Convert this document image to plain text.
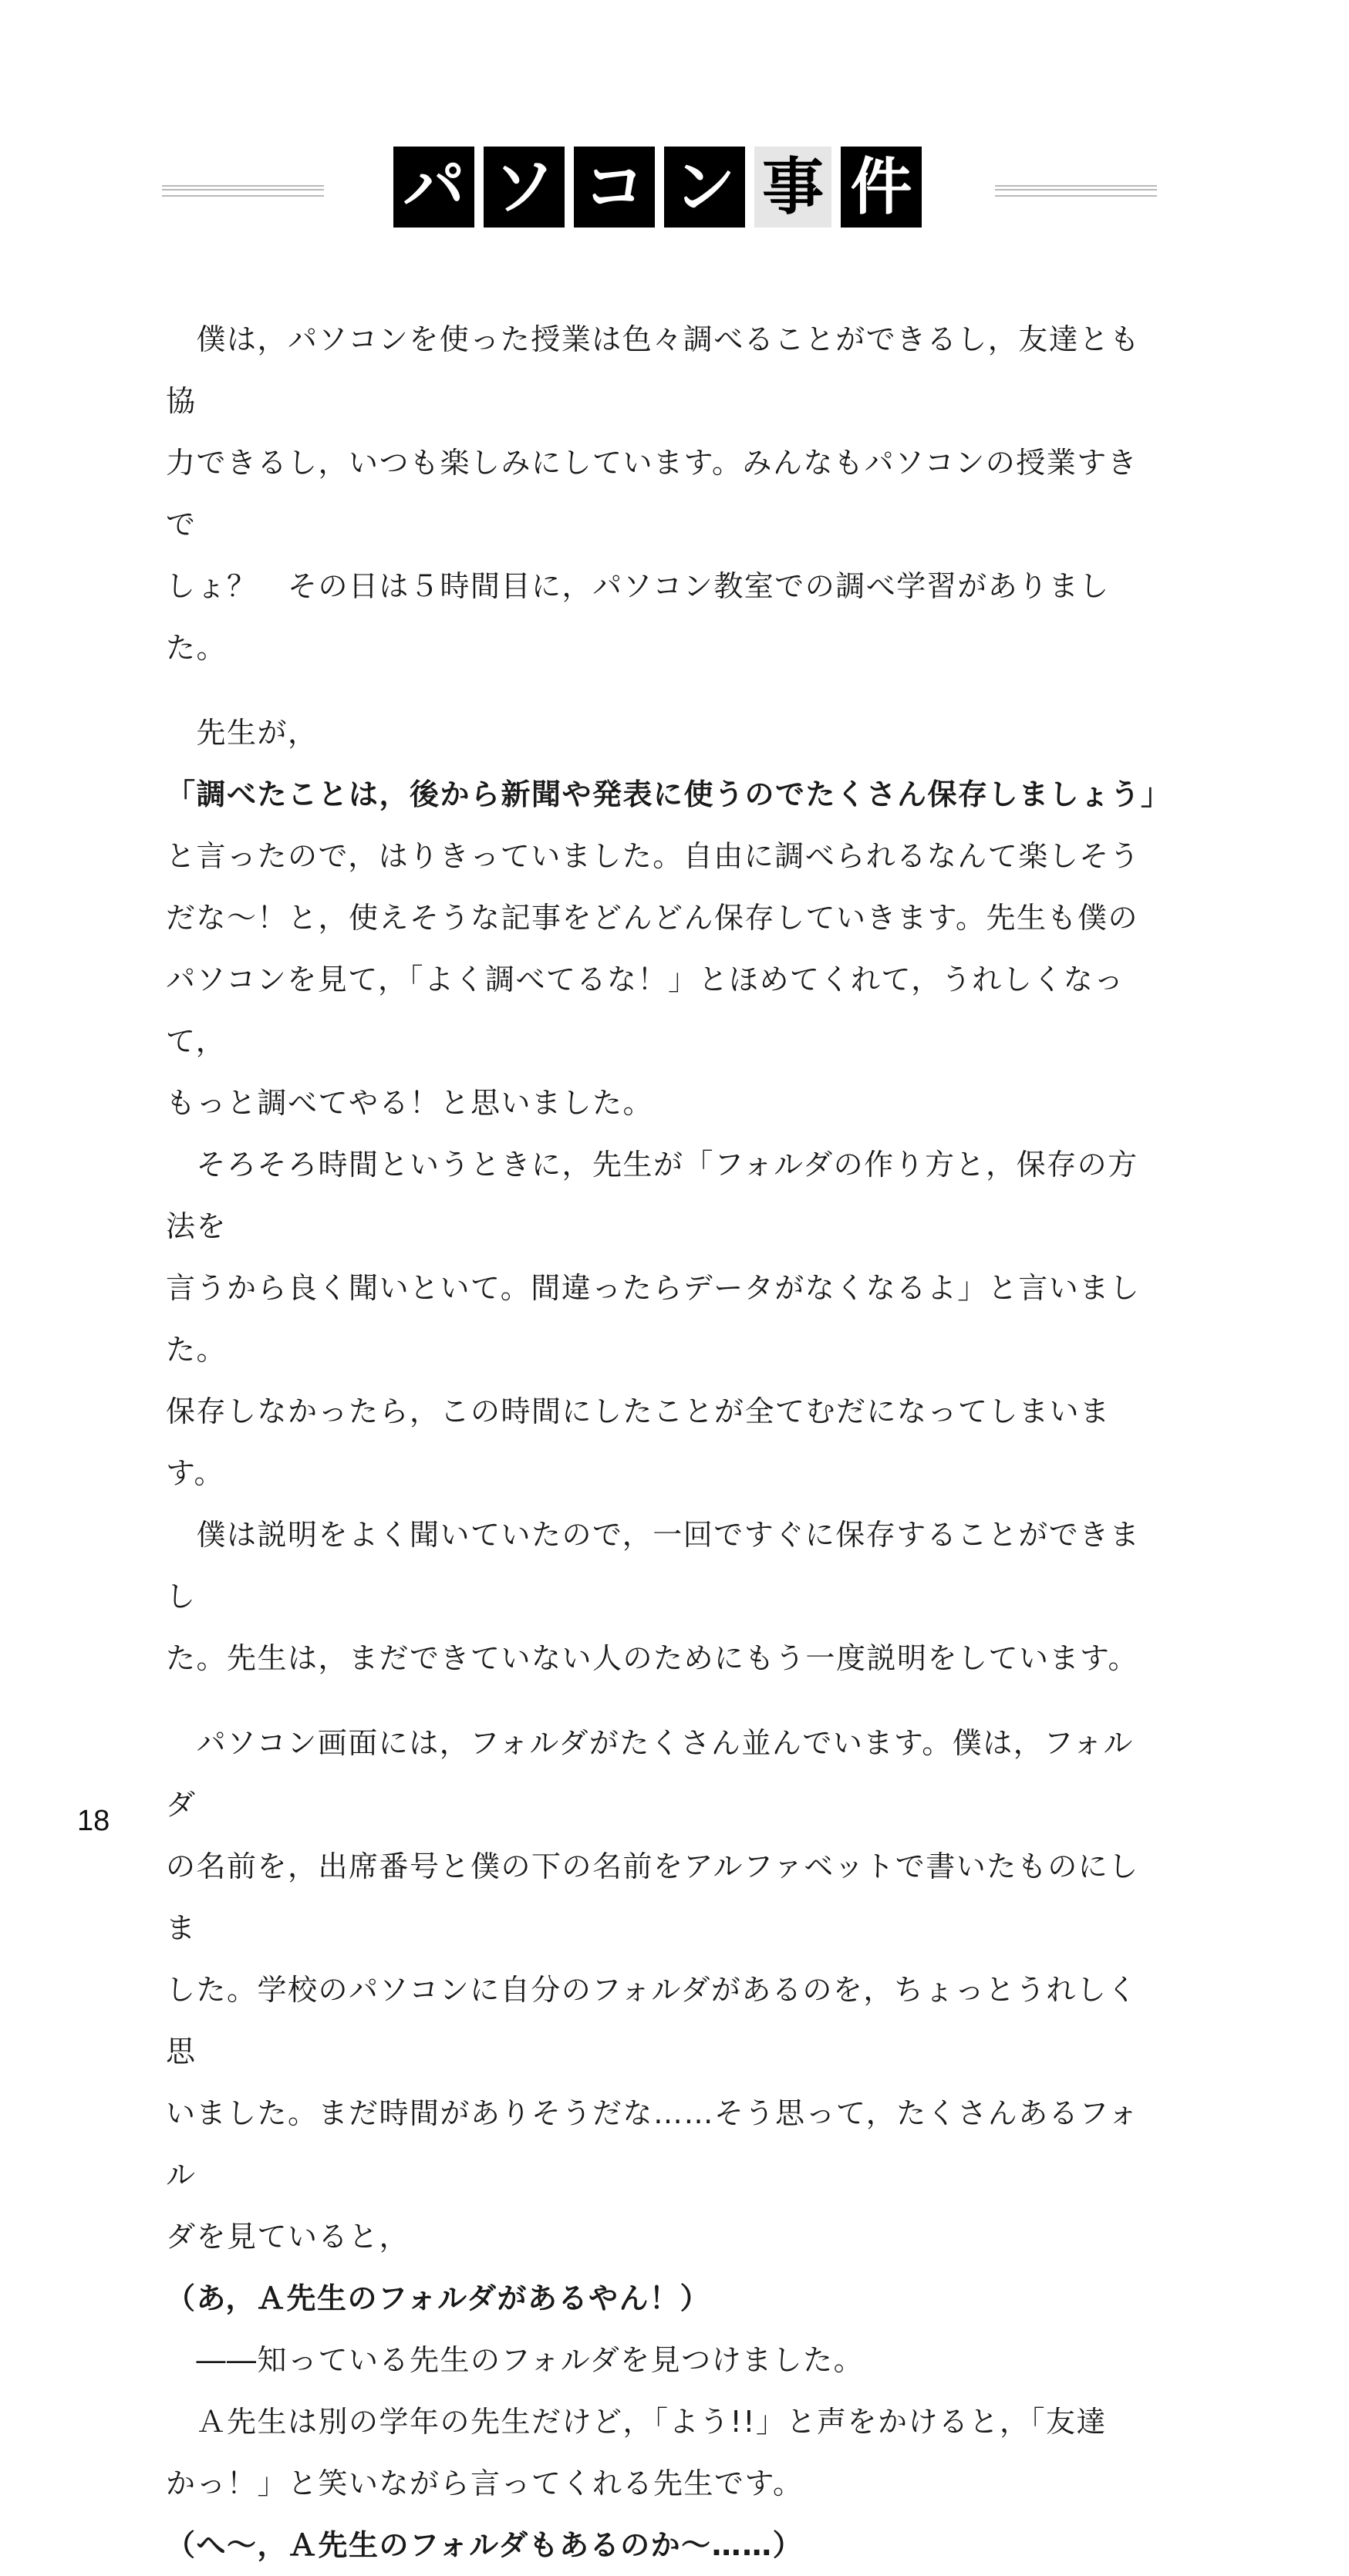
パ ソ コ ン 事 件

　僕は，パソコンを使った授業は色々調べることができるし，友達とも協

力できるし，いつも楽しみにしています。みんなもパソコンの授業すきで

しょ？　その日は５時間目に，パソコン教室での調べ学習がありました。

　先生が，

「調べたことは，後から新聞や発表に使うのでたくさん保存しましょう」

と言ったので，はりきっていました。自由に調べられるなんて楽しそう

だな～！と，使えそうな記事をどんどん保存していきます。先生も僕の

パソコンを見て，「よく調べてるな！」とほめてくれて，うれしくなって，

もっと調べてやる！と思いました。

　そろそろ時間というときに，先生が「フォルダの作り方と，保存の方法を

言うから良く聞いといて。間違ったらデータがなくなるよ」と言いました。

保存しなかったら，この時間にしたことが全てむだになってしまいます。

　僕は説明をよく聞いていたので，一回ですぐに保存することができまし

た。先生は，まだできていない人のためにもう一度説明をしています。

　パソコン画面には，フォルダがたくさん並んでいます。僕は，フォルダ

の名前を，出席番号と僕の下の名前をアルファベットで書いたものにしま

した。学校のパソコンに自分のフォルダがあるのを，ちょっとうれしく思

いました。まだ時間がありそうだな……そう思って，たくさんあるフォル

ダを見ていると，

（あ，Ａ先生のフォルダがあるやん！）

　――知っている先生のフォルダを見つけました。

　Ａ先生は別の学年の先生だけど，「よう!!」と声をかけると，「友達

かっ！」と笑いながら言ってくれる先生です。

（へ～，Ａ先生のフォルダもあるのか～……）

18
